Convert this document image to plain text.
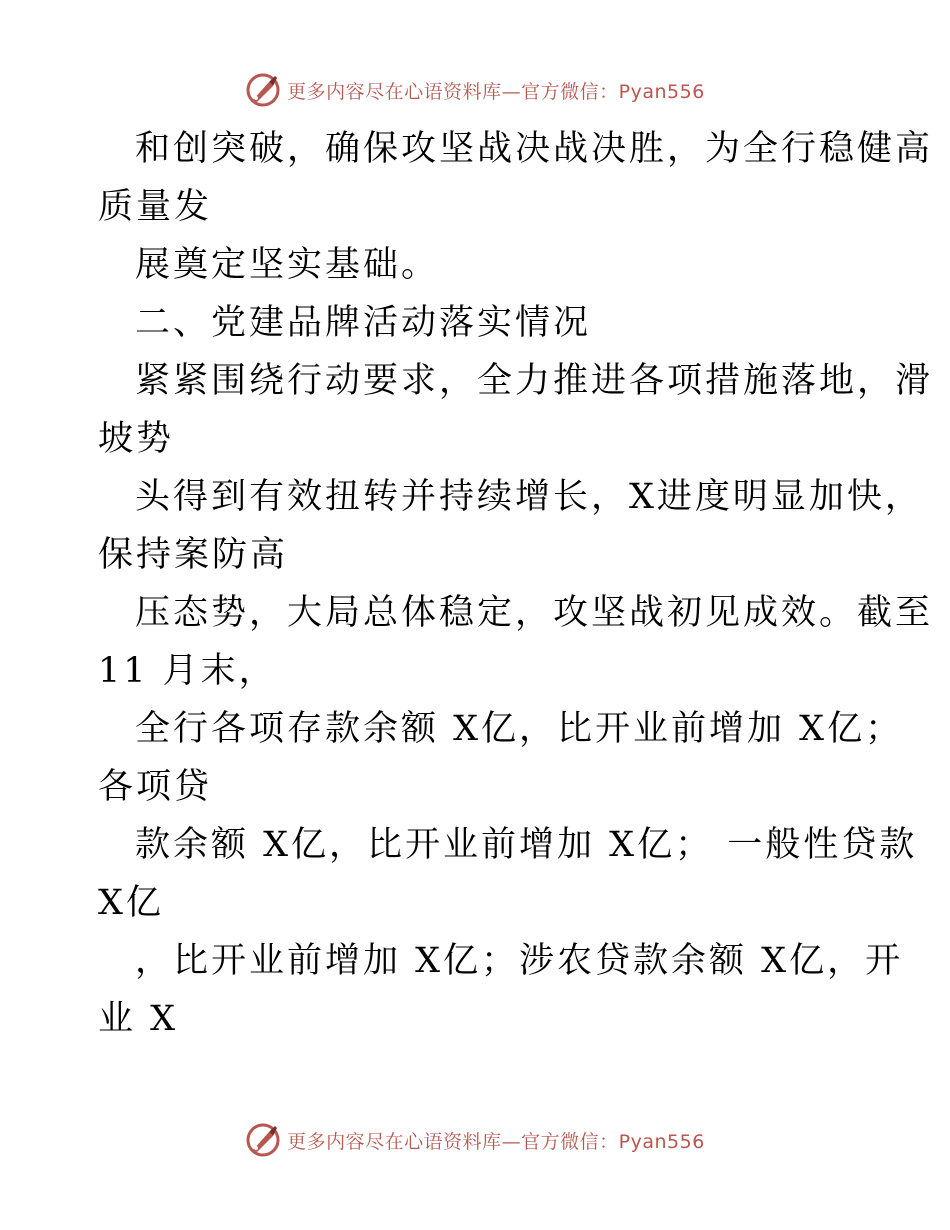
更多内容尽在心语资料库—官方微信：Pyan556
和创突破，确保攻坚战决战决胜，为全行稳健高
质量发
展奠定坚实基础。
二、党建品牌活动落实情况
紧紧围绕行动要求，全力推进各项措施落地，滑
坡势
头得到有效扭转并持续增长，X进度明显加快，
保持案防高
压态势，大局总体稳定，攻坚战初见成效。截至
11 月末，
全行各项存款余额 X亿，比开业前增加 X亿；
各项贷
款余额 X亿，比开业前增加 X亿； 一般性贷款
X亿
，比开业前增加 X亿；涉农贷款余额 X亿，开
业 X
更多内容尽在心语资料库—官方微信：Pyan556
